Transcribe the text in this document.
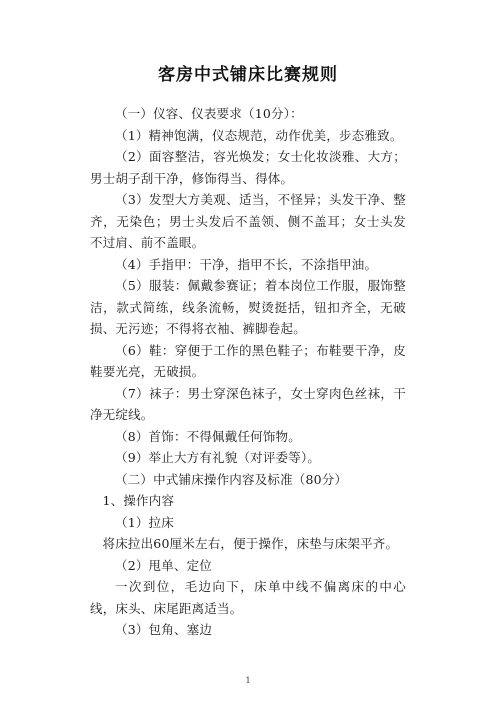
客房中式铺床比赛规则

（一）仪容、仪表要求（10分）：

（1）精神饱满，仪态规范，动作优美，步态雅致。

（2）面容整洁，容光焕发；女士化妆淡雅、大方；男士胡子刮干净，修饰得当、得体。

（3）发型大方美观、适当，不怪异；头发干净、整齐，无染色；男士头发后不盖领、侧不盖耳；女士头发不过肩、前不盖眼。

（4）手指甲：干净，指甲不长，不涂指甲油。

（5）服装：佩戴参赛证；着本岗位工作服，服饰整洁，款式简练，线条流畅，熨烫挺括，钮扣齐全，无破损、无污迹；不得将衣袖、裤脚卷起。

（6）鞋：穿便于工作的黑色鞋子；布鞋要干净，皮鞋要光亮，无破损。

（7）袜子：男士穿深色袜子，女士穿肉色丝袜，干净无绽线。

（8）首饰：不得佩戴任何饰物。

（9）举止大方有礼貌（对评委等）。

（二）中式铺床操作内容及标准（80分）

1、操作内容

（1）拉床

将床拉出60厘米左右，便于操作，床垫与床架平齐。

（2）甩单、定位

一次到位，毛边向下，床单中线不偏离床的中心线，床头、床尾距离适当。

（3）包角、塞边

1
